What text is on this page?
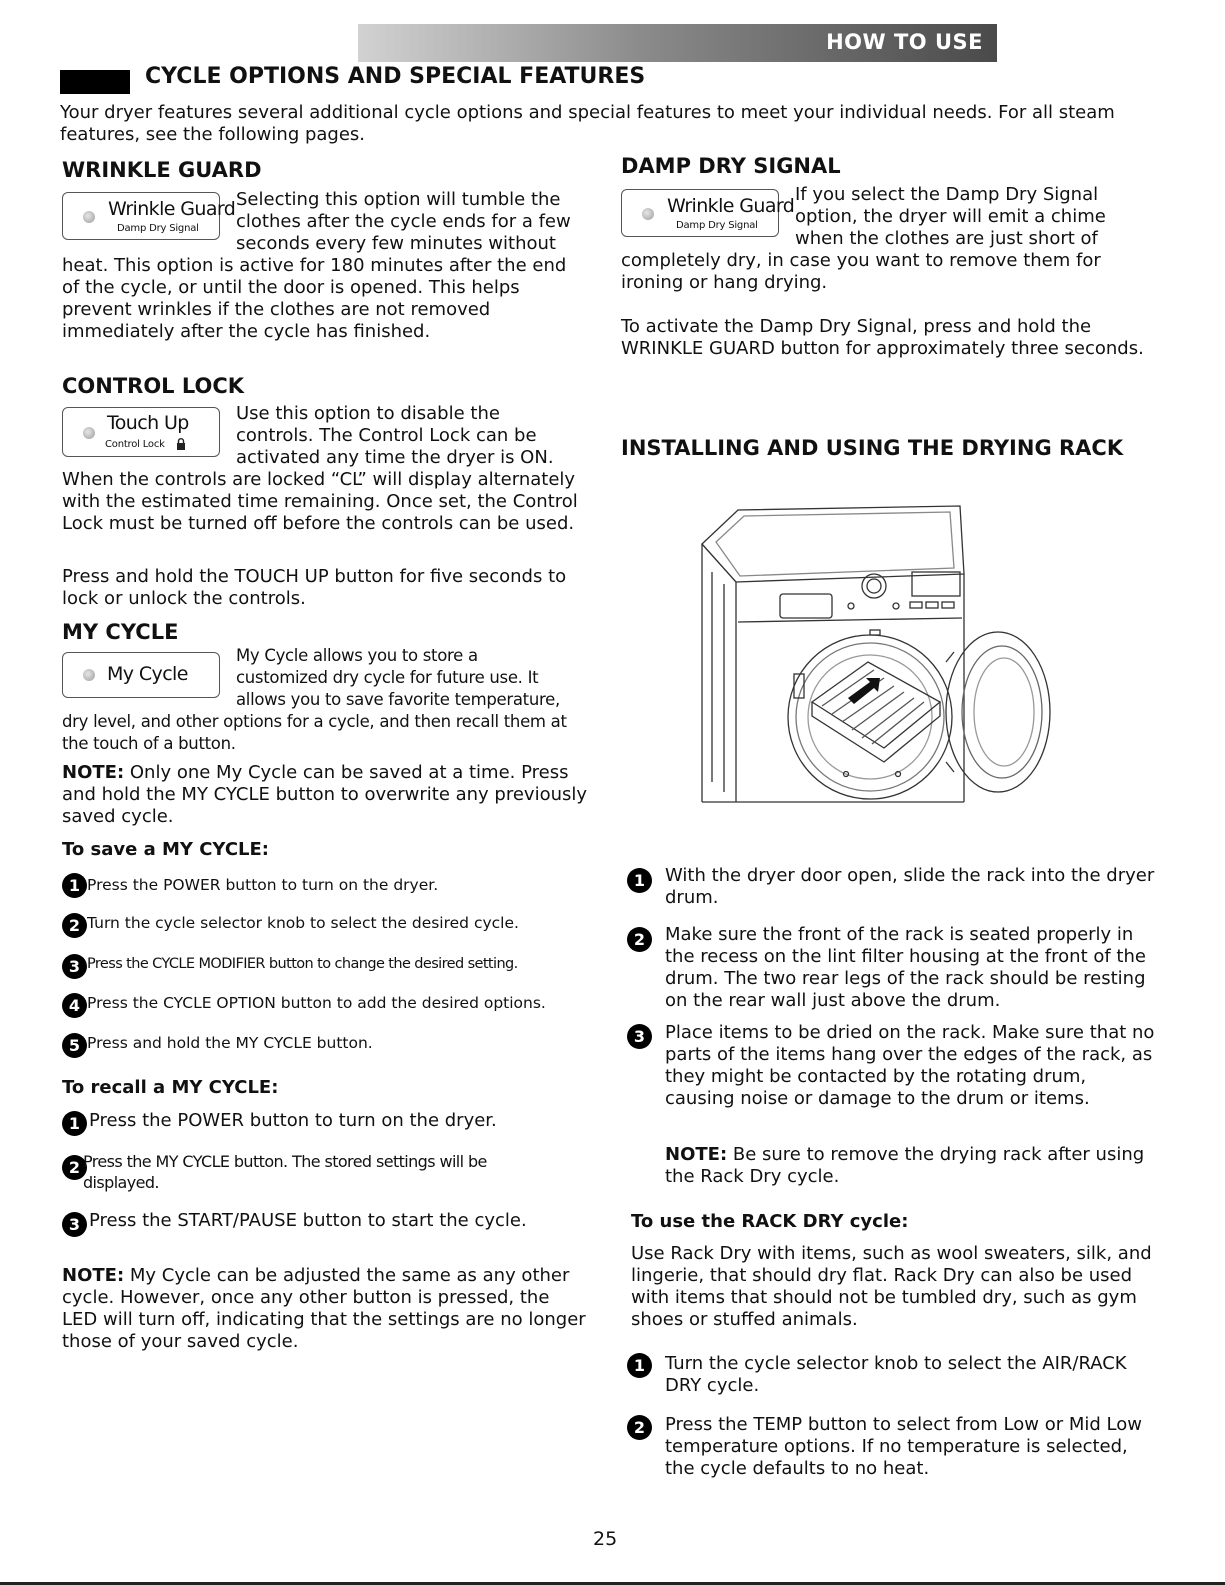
HOW TO USE
CYCLE OPTIONS AND SPECIAL FEATURES
Your dryer features several additional cycle options and special features to meet your individual needs. For all steam features, see the following pages.
WRINKLE GUARD
Wrinkle Guard
Damp Dry Signal
Selecting this option will tumble the
clothes after the cycle ends for a few
seconds every few minutes without
heat. This option is active for 180 minutes after the end of the cycle, or until the door is opened. This helps prevent wrinkles if the clothes are not removed immediately after the cycle has finished.
CONTROL LOCK
Touch Up
Control Lock
Use this option to disable the
controls. The Control Lock can be
activated any time the dryer is ON.
When the controls are locked “CL” will display alternately with the estimated time remaining. Once set, the Control Lock must be turned off before the controls can be used.
Press and hold the TOUCH UP button for five seconds to lock or unlock the controls.
MY CYCLE
My Cycle
My Cycle allows you to store a
customized dry cycle for future use. It
allows you to save favorite temperature,
dry level, and other options for a cycle, and then recall them at the touch of a button.
NOTE: Only one My Cycle can be saved at a time. Press and hold the MY CYCLE button to overwrite any previously saved cycle.
To save a MY CYCLE:
1 Press the POWER button to turn on the dryer.
2 Turn the cycle selector knob to select the desired cycle.
3 Press the CYCLE MODIFIER button to change the desired setting.
4 Press the CYCLE OPTION button to add the desired options.
5 Press and hold the MY CYCLE button.
To recall a MY CYCLE:
1 Press the POWER button to turn on the dryer.
2 Press the MY CYCLE button. The stored settings will be displayed.
3 Press the START/PAUSE button to start the cycle.
NOTE: My Cycle can be adjusted the same as any other cycle. However, once any other button is pressed, the LED will turn off, indicating that the settings are no longer those of your saved cycle.
DAMP DRY SIGNAL
Wrinkle Guard
Damp Dry Signal
If you select the Damp Dry Signal
option, the dryer will emit a chime
when the clothes are just short of
completely dry, in case you want to remove them for ironing or hang drying.
To activate the Damp Dry Signal, press and hold the WRINKLE GUARD button for approximately three seconds.
INSTALLING AND USING THE DRYING RACK
1	With the dryer door open, slide the rack into the dryer drum.
2	Make sure the front of the rack is seated properly in the recess on the lint filter housing at the front of the drum. The two rear legs of the rack should be resting on the rear wall just above the drum.
3	Place items to be dried on the rack. Make sure that no parts of the items hang over the edges of the rack, as they might be contacted by the rotating drum, causing noise or damage to the drum or items.
NOTE: Be sure to remove the drying rack after using the Rack Dry cycle.
To use the RACK DRY cycle:
Use Rack Dry with items, such as wool sweaters, silk, and lingerie, that should dry flat. Rack Dry can also be used with items that should not be tumbled dry, such as gym shoes or stuffed animals.
1	Turn the cycle selector knob to select the AIR/RACK DRY cycle.
2	Press the TEMP button to select from Low or Mid Low temperature options. If no temperature is selected, the cycle defaults to no heat.
25
